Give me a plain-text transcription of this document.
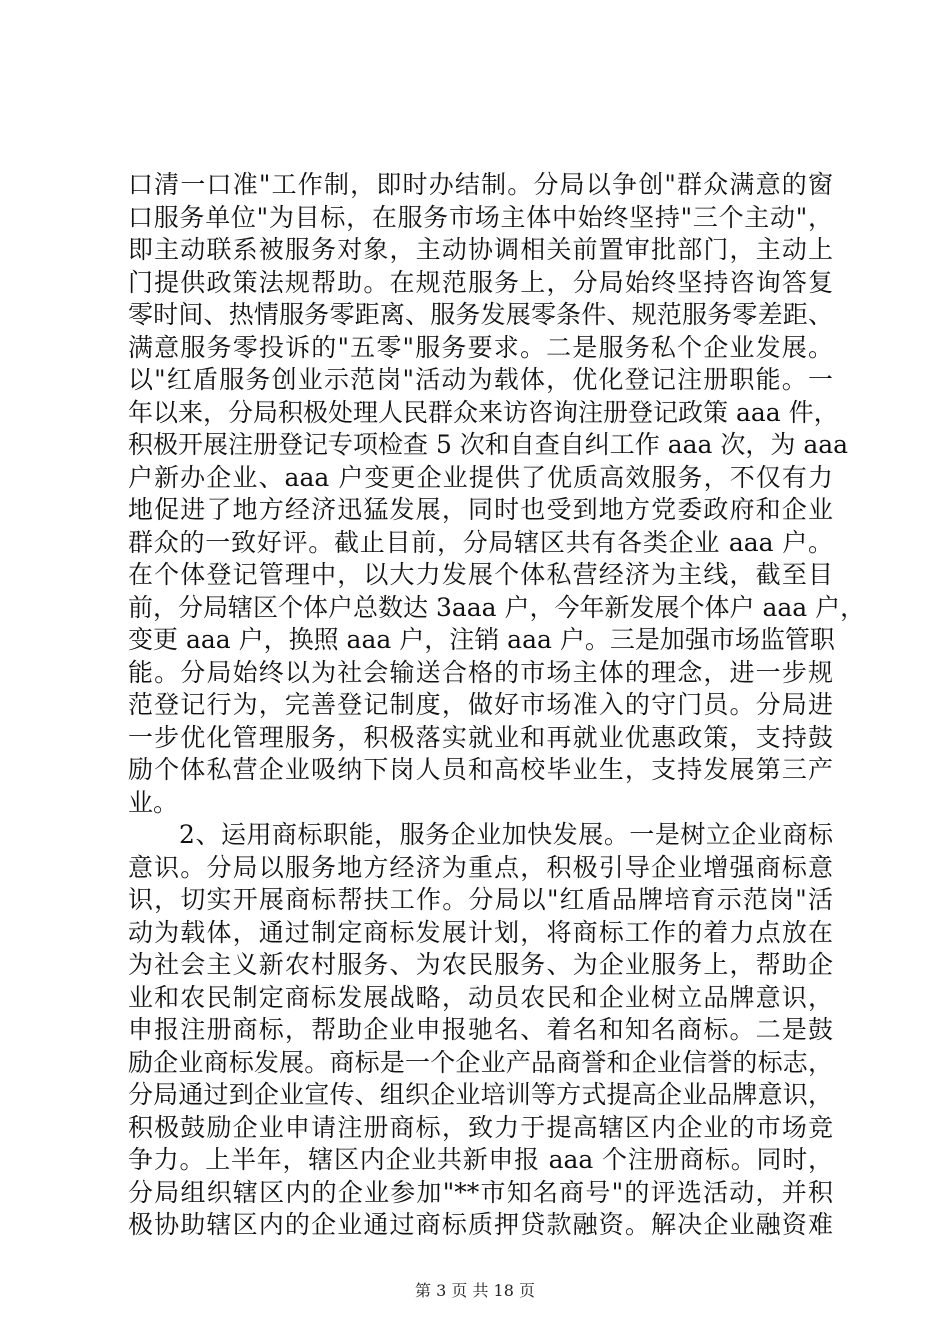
口清一口准"工作制，即时办结制。分局以争创"群众满意的窗
口服务单位"为目标，在服务市场主体中始终坚持"三个主动"，
即主动联系被服务对象，主动协调相关前置审批部门，主动上
门提供政策法规帮助。在规范服务上，分局始终坚持咨询答复
零时间、热情服务零距离、服务发展零条件、规范服务零差距、
满意服务零投诉的"五零"服务要求。二是服务私个企业发展。
以"红盾服务创业示范岗"活动为载体，优化登记注册职能。一
年以来，分局积极处理人民群众来访咨询注册登记政策 aaa 件，
积极开展注册登记专项检查 5 次和自查自纠工作 aaa 次，为 aaa
户新办企业、aaa 户变更企业提供了优质高效服务，不仅有力
地促进了地方经济迅猛发展，同时也受到地方党委政府和企业
群众的一致好评。截止目前，分局辖区共有各类企业 aaa 户。
在个体登记管理中，以大力发展个体私营经济为主线，截至目
前，分局辖区个体户总数达 3aaa 户，今年新发展个体户 aaa 户，
变更 aaa 户，换照 aaa 户，注销 aaa 户。三是加强市场监管职
能。分局始终以为社会输送合格的市场主体的理念，进一步规
范登记行为，完善登记制度，做好市场准入的守门员。分局进
一步优化管理服务，积极落实就业和再就业优惠政策，支持鼓
励个体私营企业吸纳下岗人员和高校毕业生，支持发展第三产
业。
　　2、运用商标职能，服务企业加快发展。一是树立企业商标
意识。分局以服务地方经济为重点，积极引导企业增强商标意
识，切实开展商标帮扶工作。分局以"红盾品牌培育示范岗"活
动为载体，通过制定商标发展计划，将商标工作的着力点放在
为社会主义新农村服务、为农民服务、为企业服务上，帮助企
业和农民制定商标发展战略，动员农民和企业树立品牌意识，
申报注册商标，帮助企业申报驰名、着名和知名商标。二是鼓
励企业商标发展。商标是一个企业产品商誉和企业信誉的标志，
分局通过到企业宣传、组织企业培训等方式提高企业品牌意识，
积极鼓励企业申请注册商标，致力于提高辖区内企业的市场竞
争力。上半年，辖区内企业共新申报 aaa 个注册商标。同时，
分局组织辖区内的企业参加"**市知名商号"的评选活动，并积
极协助辖区内的企业通过商标质押贷款融资。解决企业融资难
第 3 页 共 18 页
